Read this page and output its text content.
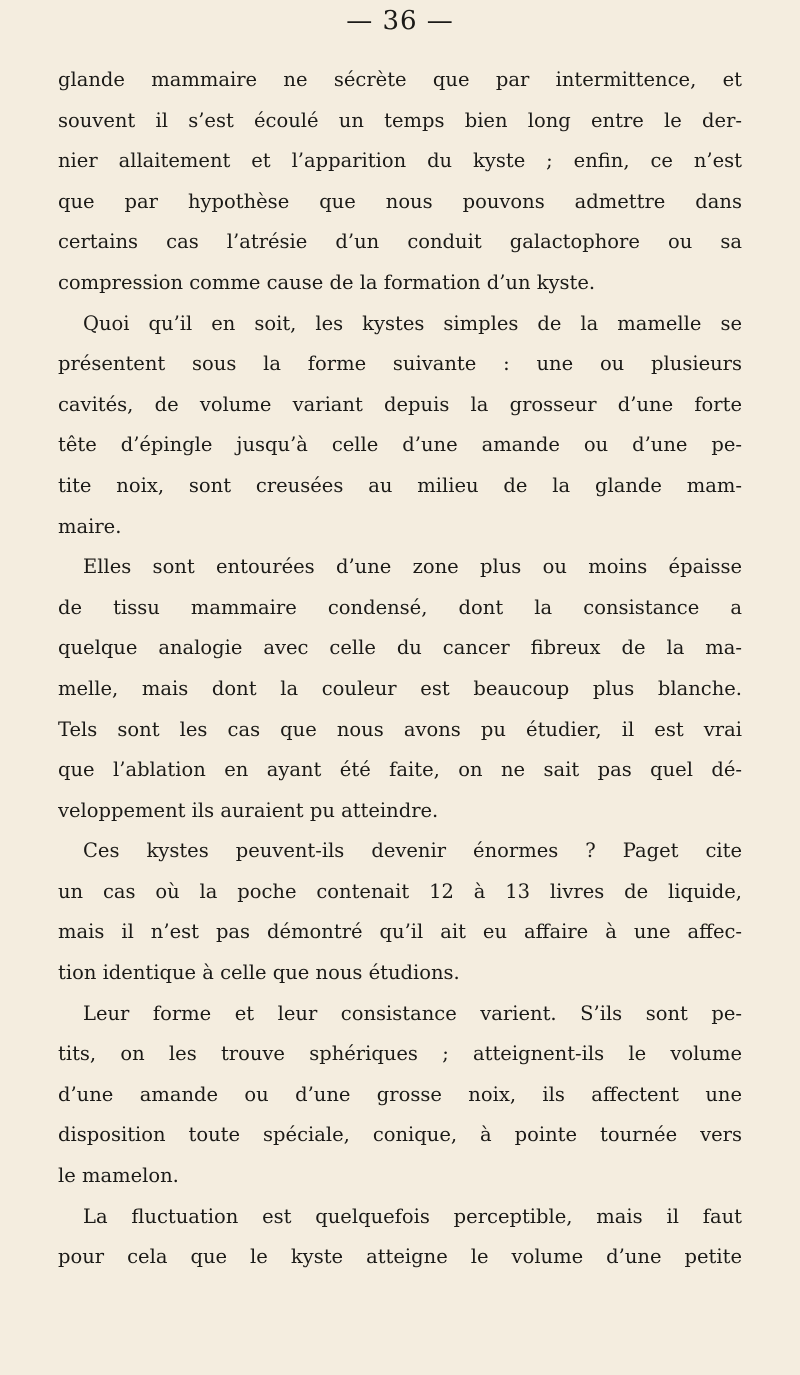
— 36 —
glande mammaire ne sécrète que par intermittence, et
souvent il s’est écoulé un temps bien long entre le der-
nier allaitement et l’apparition du kyste ; enfin, ce n’est
que par hypothèse que nous pouvons admettre dans
certains cas l’atrésie d’un conduit galactophore ou sa
compression comme cause de la formation d’un kyste.
Quoi qu’il en soit, les kystes simples de la mamelle se
présentent sous la forme suivante : une ou plusieurs
cavités, de volume variant depuis la grosseur d’une forte
tête d’épingle jusqu’à celle d’une amande ou d’une pe-
tite noix, sont creusées au milieu de la glande mam-
maire.
Elles sont entourées d’une zone plus ou moins épaisse
de tissu mammaire condensé, dont la consistance a
quelque analogie avec celle du cancer fibreux de la ma-
melle, mais dont la couleur est beaucoup plus blanche.
Tels sont les cas que nous avons pu étudier, il est vrai
que l’ablation en ayant été faite, on ne sait pas quel dé-
veloppement ils auraient pu atteindre.
Ces kystes peuvent-ils devenir énormes ? Paget cite
un cas où la poche contenait 12 à 13 livres de liquide,
mais il n’est pas démontré qu’il ait eu affaire à une affec-
tion identique à celle que nous étudions.
Leur forme et leur consistance varient. S’ils sont pe-
tits, on les trouve sphériques ; atteignent-ils le volume
d’une amande ou d’une grosse noix, ils affectent une
disposition toute spéciale, conique, à pointe tournée vers
le mamelon.
La fluctuation est quelquefois perceptible, mais il faut
pour cela que le kyste atteigne le volume d’une petite
